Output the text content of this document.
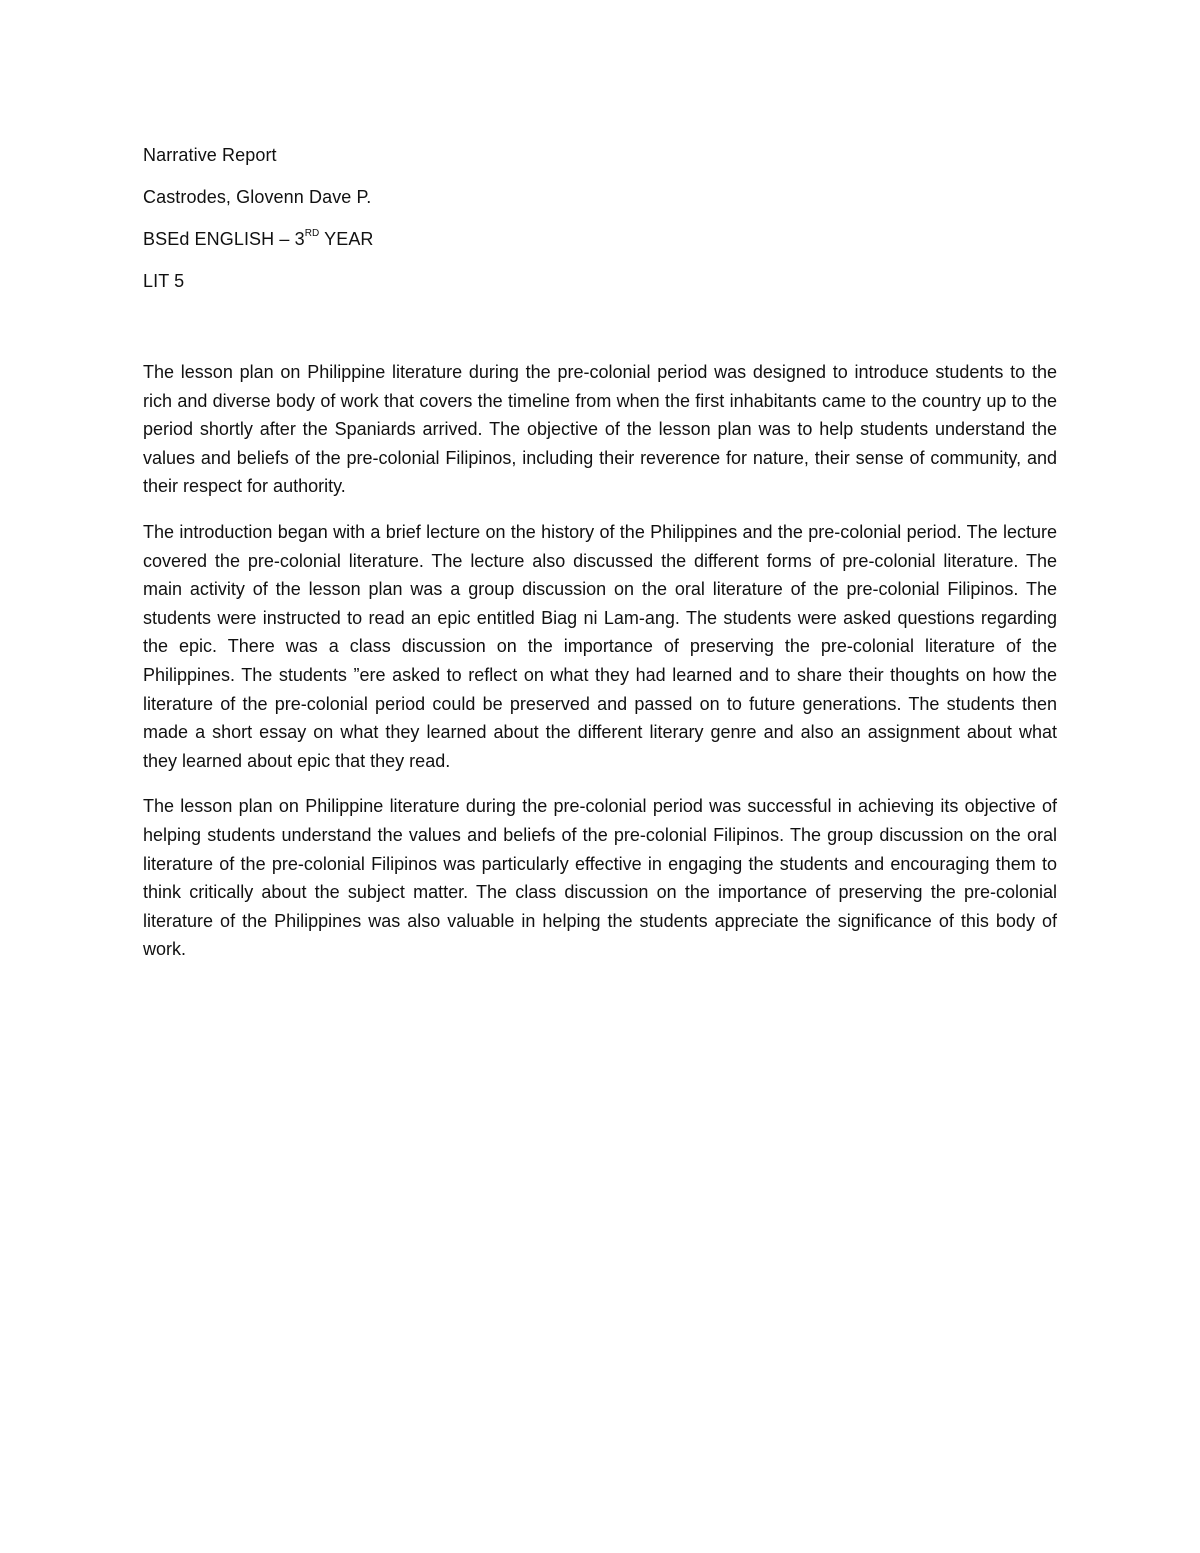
Narrative Report

Castrodes, Glovenn Dave P.

BSEd ENGLISH – 3RD YEAR

LIT 5

The lesson plan on Philippine literature during the pre-colonial period was designed to introduce students to the rich and diverse body of work that covers the timeline from when the first inhabitants came to the country up to the period shortly after the Spaniards arrived. The objective of the lesson plan was to help students understand the values and beliefs of the pre-colonial Filipinos, including their reverence for nature, their sense of community, and their respect for authority.

The introduction began with a brief lecture on the history of the Philippines and the pre-colonial period. The lecture covered the pre-colonial literature. The lecture also discussed the different forms of pre-colonial literature. The main activity of the lesson plan was a group discussion on the oral literature of the pre-colonial Filipinos. The students were instructed to read an epic entitled Biag ni Lam-ang. The students were asked questions regarding the epic. There was a class discussion on the importance of preserving the pre-colonial literature of the Philippines. The students ”ere asked to reflect on what they had learned and to share their thoughts on how the literature of the pre-colonial period could be preserved and passed on to future generations. The students then made a short essay on what they learned about the different literary genre and also an assignment about what they learned about epic that they read.

The lesson plan on Philippine literature during the pre-colonial period was successful in achieving its objective of helping students understand the values and beliefs of the pre-colonial Filipinos. The group discussion on the oral literature of the pre-colonial Filipinos was particularly effective in engaging the students and encouraging them to think critically about the subject matter. The class discussion on the importance of preserving the pre-colonial literature of the Philippines was also valuable in helping the students appreciate the significance of this body of work.
